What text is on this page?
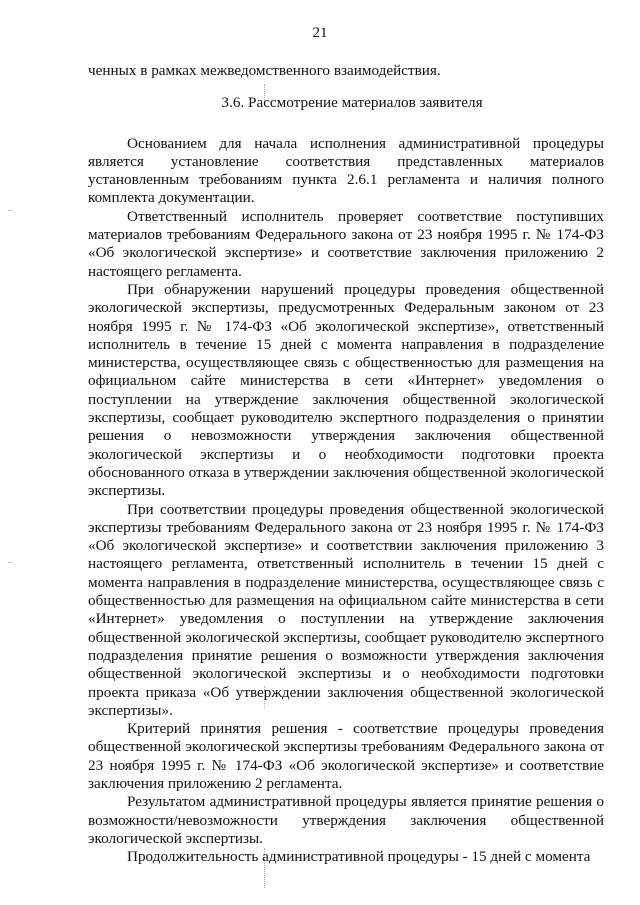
21

ченных в рамках межведомственного взаимодействия.

3.6. Рассмотрение материалов заявителя

Основанием для начала исполнения административной процедуры является установление соответствия представленных материалов установленным требованиям пункта 2.6.1 регламента и наличия полного комплекта документации.

Ответственный исполнитель проверяет соответствие поступивших материалов требованиям Федерального закона от 23 ноября 1995 г. № 174-ФЗ «Об экологической экспертизе» и соответствие заключения приложению 2 настоящего регламента.

При обнаружении нарушений процедуры проведения общественной экологической экспертизы, предусмотренных Федеральным законом от 23 ноября 1995 г. № 174-ФЗ «Об экологической экспертизе», ответственный исполнитель в течение 15 дней с момента направления в подразделение министерства, осуществляющее связь с общественностью для размещения на официальном сайте министерства в сети «Интернет» уведомления о поступлении на утверждение заключения общественной экологической экспертизы, сообщает руководителю экспертного подразделения о принятии решения о невозможности утверждения заключения общественной экологической экспертизы и о необходимости подготовки проекта обоснованного отказа в утверждении заключения общественной экологической экспертизы.

При соответствии процедуры проведения общественной экологической экспертизы требованиям Федерального закона от 23 ноября 1995 г. № 174-ФЗ «Об экологической экспертизе» и соответствии заключения приложению 3 настоящего регламента, ответственный исполнитель в течении 15 дней с момента направления в подразделение министерства, осуществляющее связь с общественностью для размещения на официальном сайте министерства в сети «Интернет» уведомления о поступлении на утверждение заключения общественной экологической экспертизы, сообщает руководителю экспертного подразделения принятие решения о возможности утверждения заключения общественной экологической экспертизы и о необходимости подготовки проекта приказа «Об утверждении заключения общественной экологической экспертизы».

Критерий принятия решения - соответствие процедуры проведения общественной экологической экспертизы требованиям Федерального закона от 23 ноября 1995 г. № 174-ФЗ «Об экологической экспертизе» и соответствие заключения приложению 2 регламента.

Результатом административной процедуры является принятие решения о возможности/невозможности утверждения заключения общественной экологической экспертизы.

Продолжительность административной процедуры - 15 дней с момента
